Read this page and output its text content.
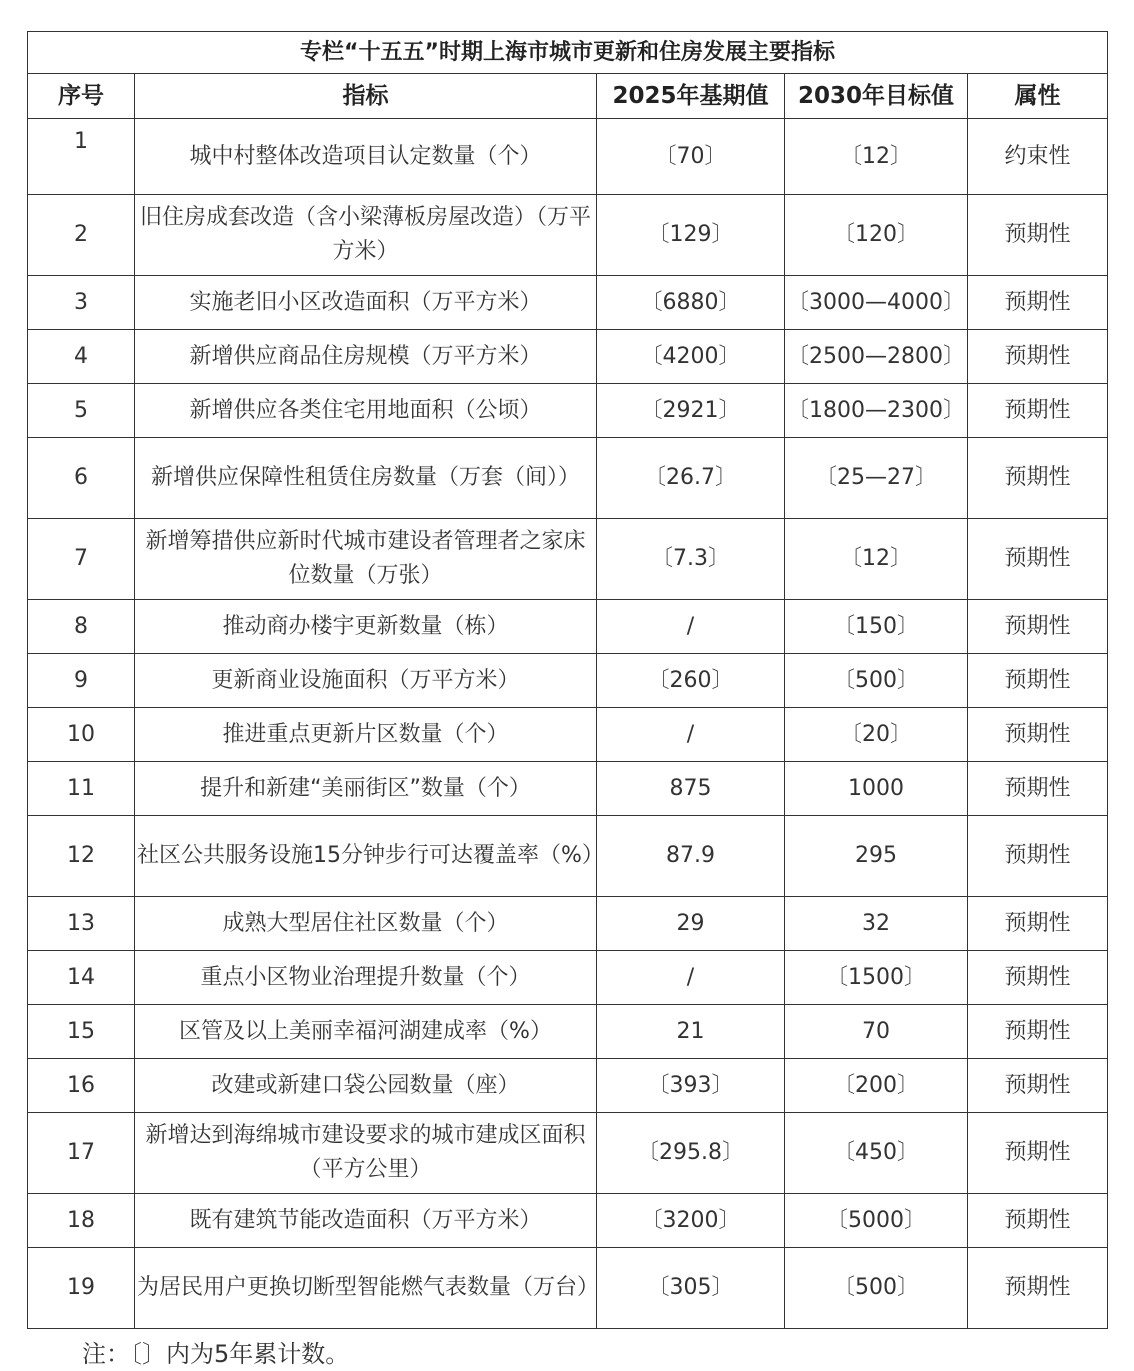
专栏“十五五”时期上海市城市更新和住房发展主要指标				
序号	指标	2025年基期值	2030年目标值	属性
1	城中村整体改造项目认定数量（个）	〔70〕	〔12〕	约束性
2	旧住房成套改造（含小梁薄板房屋改造）（万平方米）	〔129〕	〔120〕	预期性
3	实施老旧小区改造面积（万平方米）	〔6880〕	〔3000—4000〕	预期性
4	新增供应商品住房规模（万平方米）	〔4200〕	〔2500—2800〕	预期性
5	新增供应各类住宅用地面积（公顷）	〔2921〕	〔1800—2300〕	预期性
6	新增供应保障性租赁住房数量（万套（间））	〔26.7〕	〔25—27〕	预期性
7	新增筹措供应新时代城市建设者管理者之家床位数量（万张）	〔7.3〕	〔12〕	预期性
8	推动商办楼宇更新数量（栋）	/	〔150〕	预期性
9	更新商业设施面积（万平方米）	〔260〕	〔500〕	预期性
10	推进重点更新片区数量（个）	/	〔20〕	预期性
11	提升和新建“美丽街区”数量（个）	875	1000	预期性
12	社区公共服务设施15分钟步行可达覆盖率（%）	87.9	295	预期性
13	成熟大型居住社区数量（个）	29	32	预期性
14	重点小区物业治理提升数量（个）	/	〔1500〕	预期性
15	区管及以上美丽幸福河湖建成率（%）	21	70	预期性
16	改建或新建口袋公园数量（座）	〔393〕	〔200〕	预期性
17	新增达到海绵城市建设要求的城市建成区面积（平方公里）	〔295.8〕	〔450〕	预期性
18	既有建筑节能改造面积（万平方米）	〔3200〕	〔5000〕	预期性
19	为居民用户更换切断型智能燃气表数量（万台）	〔305〕	〔500〕	预期性
注：〔〕内为5年累计数。
